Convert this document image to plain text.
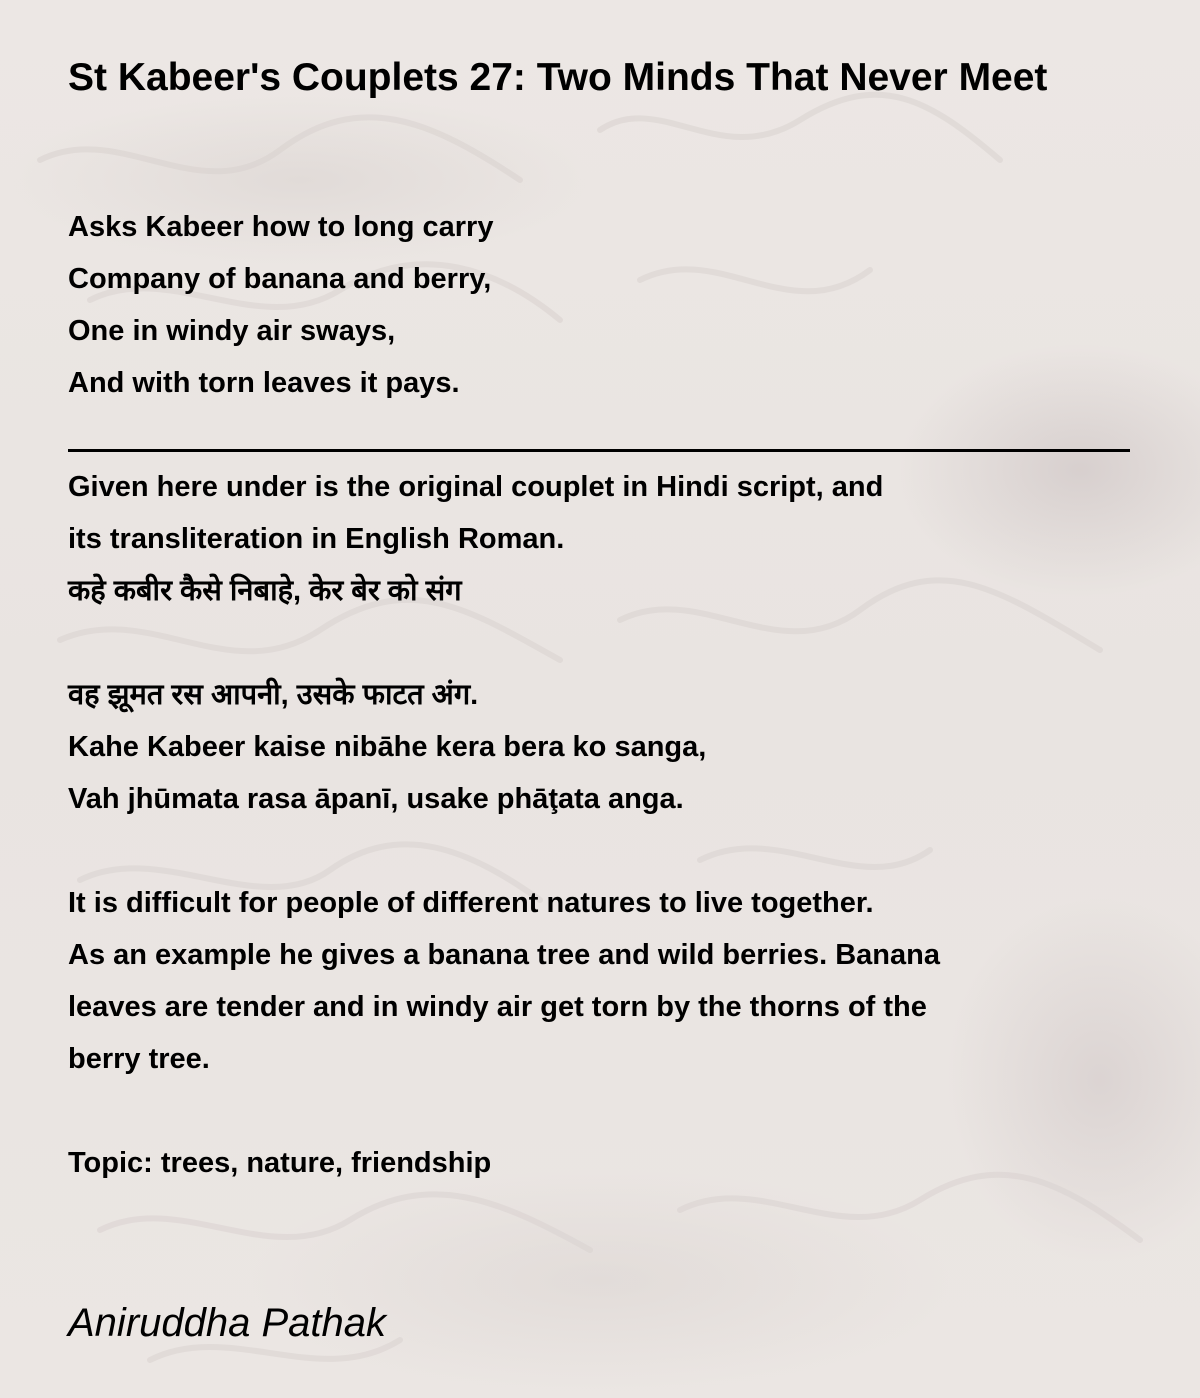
St Kabeer's Couplets 27: Two Minds That Never Meet
Asks Kabeer how to long carry
Company of banana and berry,
One in windy air sways,
And with torn leaves it pays.
Given here under is the original couplet in Hindi script, and
its transliteration in English Roman.
कहे कबीर कैसे निबाहे, केर बेर को संग
वह झूमत रस आपनी, उसके फाटत अंग.
Kahe Kabeer kaise nibāhe kera bera ko sanga,
Vah jhūmata rasa āpanī, usake phāţata anga.
It is difficult for people of different natures to live together.
As an example he gives a banana tree and wild berries. Banana
leaves are tender and in windy air get torn by the thorns of the
berry tree.
Topic: trees, nature, friendship
Aniruddha Pathak
